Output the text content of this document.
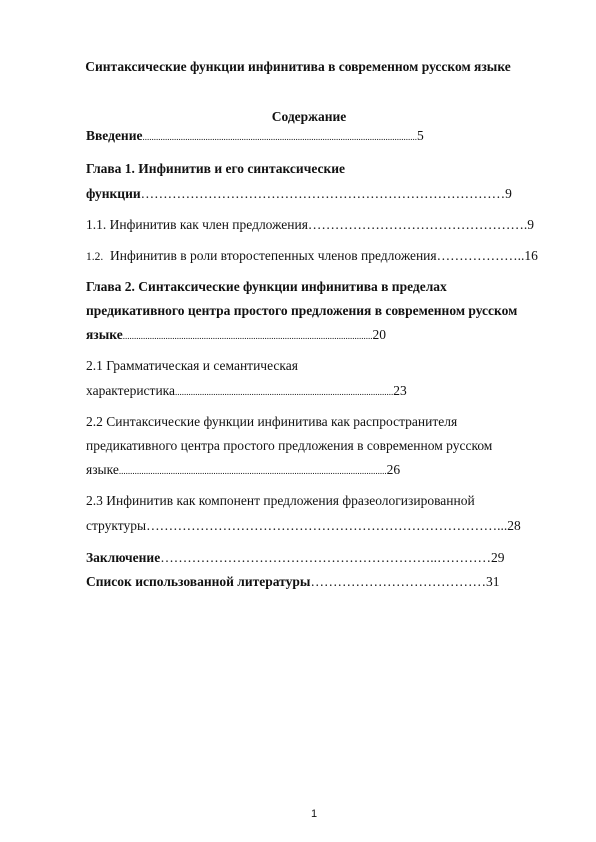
Синтаксические функции инфинитива в современном русском языке
Содержание
Введение..........................................................................................................................5
Глава 1. Инфинитив и его синтаксические
функции………………………………………………………………………9
1.1. Инфинитив как член предложения………………………………………….9
1.2. Инфинитив в роли второстепенных членов предложения………………..16
Глава 2. Синтаксические функции инфинитива в пределах
предикативного центра простого предложения в современном русском
языке...............................................................................................................20
2.1 Грамматическая и семантическая
характеристика.................................................................................................23
2.2 Синтаксические функции инфинитива как распространителя
предикативного центра простого предложения в современном русском
языке.......................................................................................................................26
2.3 Инфинитив как компонент предложения фразеологизированной
структуры……………………………………………………………………...28
Заключение……………………………………………………..…………29
Список использованной литературы…………………………………31
1
